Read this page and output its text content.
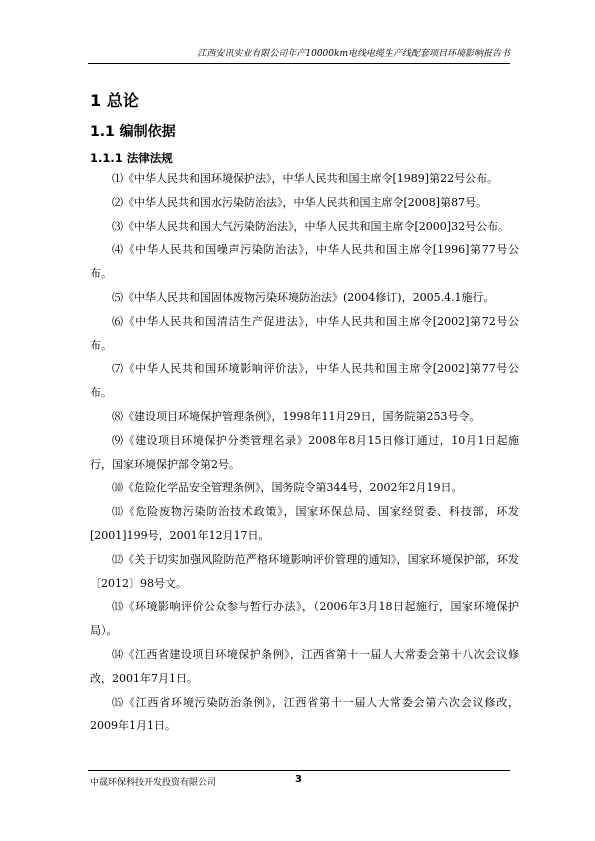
江西安讯实业有限公司年产10000km电线电缆生产线配套项目环境影响报告书
1 总论
1.1 编制依据
1.1.1 法律法规
⑴《中华人民共和国环境保护法》，中华人民共和国主席令[1989]第22号公布。
⑵《中华人民共和国水污染防治法》，中华人民共和国主席令[2008]第87号。
⑶《中华人民共和国大气污染防治法》，中华人民共和国主席令[2000]32号公布。
⑷《中华人民共和国噪声污染防治法》，中华人民共和国主席令[1996]第77号公布。
⑸《中华人民共和国固体废物污染环境防治法》(2004修订)，2005.4.1施行。
⑹《中华人民共和国清洁生产促进法》，中华人民共和国主席令[2002]第72号公布。
⑺《中华人民共和国环境影响评价法》，中华人民共和国主席令[2002]第77号公布。
⑻《建设项目环境保护管理条例》，1998年11月29日，国务院第253号令。
⑼《建设项目环境保护分类管理名录》2008年8月15日修订通过，10月1日起施行，国家环境保护部令第2号。
⑽《危险化学品安全管理条例》，国务院令第344号，2002年2月19日。
⑾《危险废物污染防治技术政策》，国家环保总局、国家经贸委、科技部，环发[2001]199号，2001年12月17日。
⑿《关于切实加强风险防范严格环境影响评价管理的通知》，国家环境保护部，环发〔2012〕98号文。
⒀《环境影响评价公众参与暂行办法》，（2006年3月18日起施行，国家环境保护局）。
⒁《江西省建设项目环境保护条例》，江西省第十一届人大常委会第十八次会议修改，2001年7月1日。
⒂《江西省环境污染防治条例》，江西省第十一届人大常委会第六次会议修改，2009年1月1日。
中晟环保科技开发投资有限公司	3
